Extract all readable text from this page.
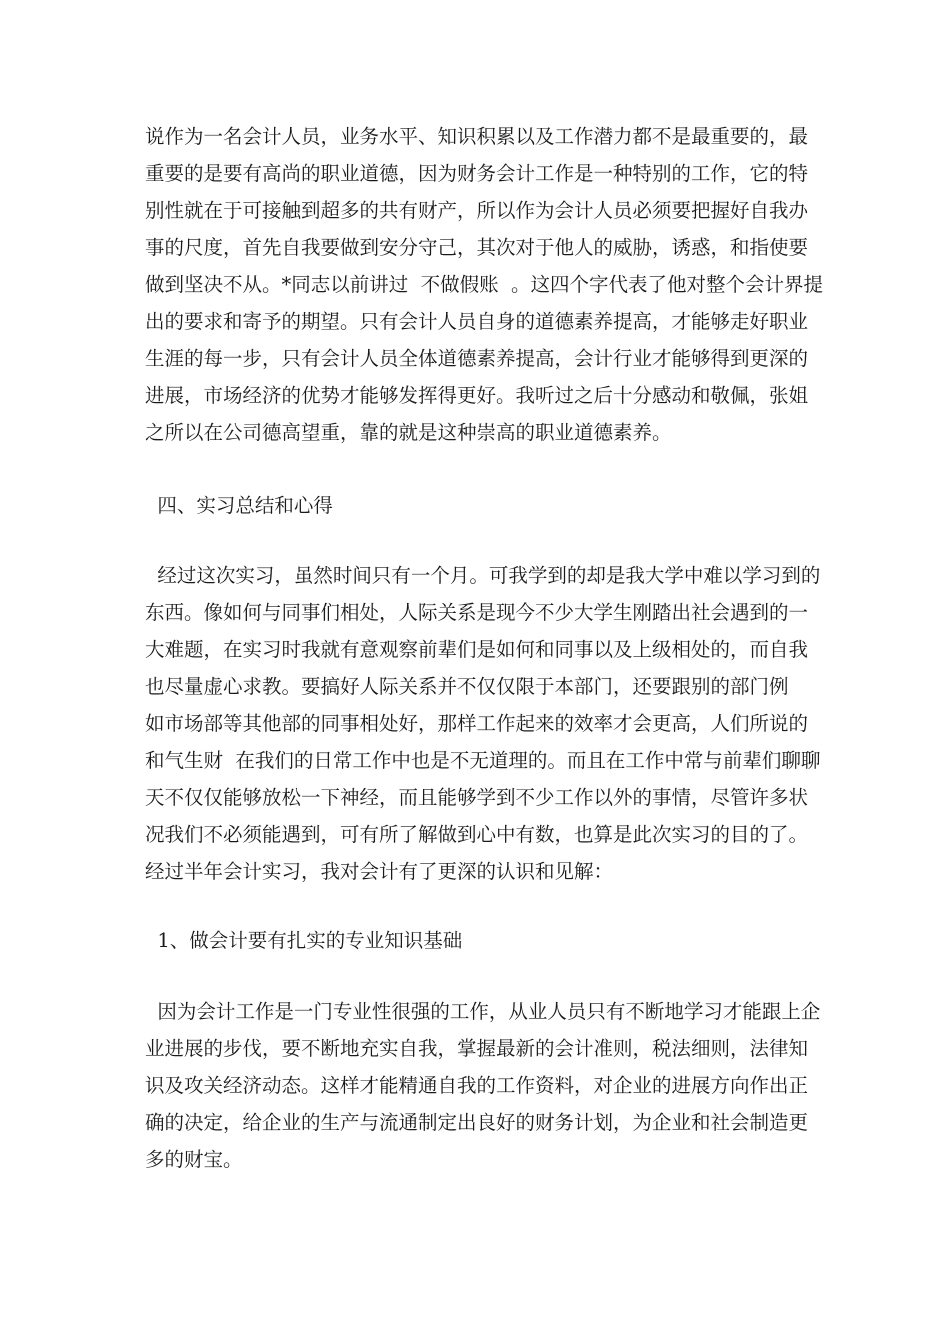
说作为一名会计人员，业务水平、知识积累以及工作潜力都不是最重要的，最
重要的是要有高尚的职业道德，因为财务会计工作是一种特别的工作，它的特
别性就在于可接触到超多的共有财产，所以作为会计人员必须要把握好自我办
事的尺度，首先自我要做到安分守己，其次对于他人的威胁，诱惑，和指使要
做到坚决不从。*同志以前讲过  不做假账  。这四个字代表了他对整个会计界提
出的要求和寄予的期望。只有会计人员自身的道德素养提高，才能够走好职业
生涯的每一步，只有会计人员全体道德素养提高，会计行业才能够得到更深的
进展，市场经济的优势才能够发挥得更好。我听过之后十分感动和敬佩，张姐
之所以在公司德高望重，靠的就是这种崇高的职业道德素养。
四、实习总结和心得
经过这次实习，虽然时间只有一个月。可我学到的却是我大学中难以学习到的
东西。像如何与同事们相处，人际关系是现今不少大学生刚踏出社会遇到的一
大难题，在实习时我就有意观察前辈们是如何和同事以及上级相处的，而自我
也尽量虚心求教。要搞好人际关系并不仅仅限于本部门，还要跟别的部门例
如市场部等其他部的同事相处好，那样工作起来的效率才会更高，人们所说的
和气生财  在我们的日常工作中也是不无道理的。而且在工作中常与前辈们聊聊
天不仅仅能够放松一下神经，而且能够学到不少工作以外的事情，尽管许多状
况我们不必须能遇到，可有所了解做到心中有数，也算是此次实习的目的了。
经过半年会计实习，我对会计有了更深的认识和见解：
1、做会计要有扎实的专业知识基础
因为会计工作是一门专业性很强的工作，从业人员只有不断地学习才能跟上企
业进展的步伐，要不断地充实自我，掌握最新的会计准则，税法细则，法律知
识及攻关经济动态。这样才能精通自我的工作资料，对企业的进展方向作出正
确的决定，给企业的生产与流通制定出良好的财务计划，为企业和社会制造更
多的财宝。
